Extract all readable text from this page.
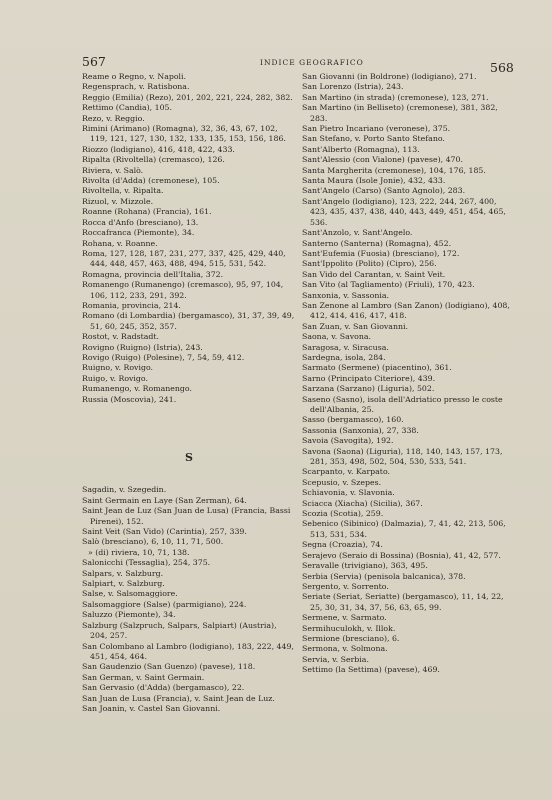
567	INDICE GEOGRAFICO	568
Reame o Regno, v. Napoli.
Regensprach, v. Ratisbona.
Reggio (Emilia) (Rezo), 201, 202, 221, 224, 282, 382.
Rettimo (Candia), 105.
Rezo, v. Reggio.
Rimini (Arimano) (Romagna), 32, 36, 43, 67, 102, 119, 121, 127, 130, 132, 133, 135, 153, 156, 186.
Riozzo (lodigiano), 416, 418, 422, 433.
Ripalta (Rivoltella) (cremasco), 126.
Riviera, v. Salò.
Rivolta (d'Adda) (cremonese), 105.
Rivoltella, v. Ripalta.
Rizuol, v. Mizzole.
Roanne (Rohana) (Francia), 161.
Rocca d'Anfo (bresciano), 13.
Roccafranca (Piemonte), 34.
Rohana, v. Roanne.
Roma, 127, 128, 187, 231, 277, 337, 425, 429, 440, 444, 448, 457, 463, 488, 494, 515, 531, 542.
Romagna, provincia dell'Italia, 372.
Romanengo (Rumanengo) (cremasco), 95, 97, 104, 106, 112, 233, 291, 392.
Romania, provincia, 214.
Romano (di Lombardia) (bergamasco), 31, 37, 39, 49, 51, 60, 245, 352, 357.
Rostot, v. Radstadt.
Rovigno (Ruigno) (Istria), 243.
Rovigo (Ruigo) (Polesine), 7, 54, 59, 412.
Ruigno, v. Rovigo.
Ruigo, v. Rovigo.
Rumanengo, v. Romanengo.
Russia (Moscovia), 241.
S
Sagadin, v. Szegedin.
Saint Germain en Laye (San Zerman), 64.
Saint Jean de Luz (San Juan de Lusa) (Francia, Bassi Pirenei), 152.
Saint Veit (San Vido) (Carintia), 257, 339.
Salò (bresciano), 6, 10, 11, 71, 500.
» (di) riviera, 10, 71, 138.
Salonicchi (Tessaglia), 254, 375.
Salpars, v. Salzburg.
Salpiart, v. Salzburg.
Salse, v. Salsomaggiore.
Salsomaggiore (Salse) (parmigiano), 224.
Saluzzo (Piemonte), 34.
Salzburg (Salzpruch, Salpars, Salpiart) (Austria), 204, 257.
San Colombano al Lambro (lodigiano), 183, 222, 449, 451, 454, 464.
San Gaudenzio (San Guenzo) (pavese), 118.
San German, v. Saint Germain.
San Gervasio (d'Adda) (bergamasco), 22.
San Juan de Lusa (Francia), v. Saint Jean de Luz.
San Joanin, v. Castel San Giovanni.
San Giovanni (in Boldrone) (lodigiano), 271.
San Lorenzo (Istria), 243.
San Martino (in strada) (cremonese), 123, 271.
San Martino (in Belliseto) (cremonese), 381, 382, 283.
San Pietro Incariano (veronese), 375.
San Stefano, v. Porto Santo Stefano.
Sant'Alberto (Romagna), 113.
Sant'Alessio (con Vialone) (pavese), 470.
Santa Margherita (cremonese), 104, 176, 185.
Santa Maura (Isole Jonie), 432, 433.
Sant'Angelo (Carso) (Santo Agnolo), 283.
Sant'Angelo (lodigiano), 123, 222, 244, 267, 400, 423, 435, 437, 438, 440, 443, 449, 451, 454, 465, 536.
Sant'Anzolo, v. Sant'Angelo.
Santerno (Santerna) (Romagna), 452.
Sant'Eufemia (Fuosia) (bresciano), 172.
Sant'Ippolito (Polito) (Cipro), 256.
San Vido del Carantan, v. Saint Veit.
San Vito (al Tagliamento) (Friuli), 170, 423.
Sanxonia, v. Sassonia.
San Zenone al Lambro (San Zanon) (lodigiano), 408, 412, 414, 416, 417, 418.
San Zuan, v. San Giovanni.
Saona, v. Savona.
Saragosa, v. Siracusa.
Sardegna, isola, 284.
Sarmato (Sermene) (piacentino), 361.
Sarno (Principato Citeriore), 439.
Sarzana (Sarzano) (Liguria), 502.
Saseno (Sasno), isola dell'Adriatico presso le coste dell'Albania, 25.
Sasso (bergamasco), 160.
Sassonia (Sanxonia), 27, 338.
Savoia (Savogita), 192.
Savona (Saona) (Liguria), 118, 140, 143, 157, 173, 281, 353, 498, 502, 504, 530, 533, 541.
Scarpanto, v. Karpato.
Scepusio, v. Szepes.
Schiavonia, v. Slavonia.
Sciacca (Xiacha) (Sicilia), 367.
Scozia (Scotia), 259.
Sebenico (Sibinico) (Dalmazia), 7, 41, 42, 213, 506, 513, 531, 534.
Segna (Croazia), 74.
Serajevo (Seraio di Bossina) (Bosnia), 41, 42, 577.
Seravalle (trivigiano), 363, 495.
Serbia (Servia) (penisola balcanica), 378.
Sergento, v. Sorrento.
Seriate (Seriat, Seriatte) (bergamasco), 11, 14, 22, 25, 30, 31, 34, 37, 56, 63, 65, 99.
Sermene, v. Sarmato.
Sermihuculokh, v. Illok.
Sermione (bresciano), 6.
Sermona, v. Solmona.
Servia, v. Serbia.
Settimo (la Settima) (pavese), 469.
